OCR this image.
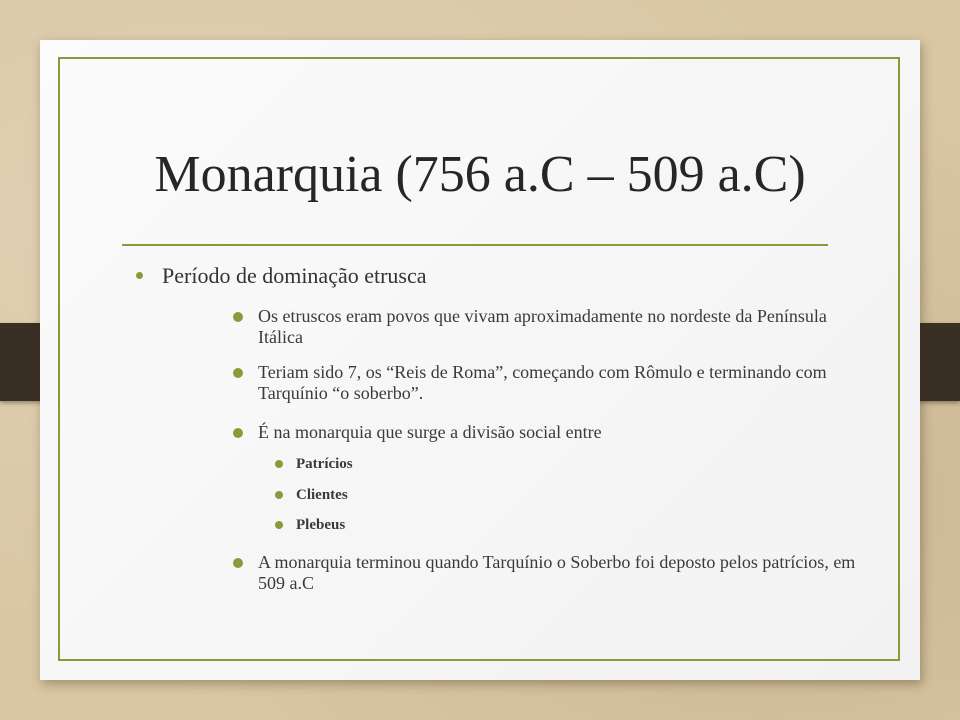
Monarquia (756 a.C – 509 a.C)
Período de dominação etrusca
Os etruscos eram povos que vivam aproximadamente no nordeste da Península Itálica
Teriam sido 7, os “Reis de Roma”, começando com Rômulo e terminando com Tarquínio “o soberbo”.
É na monarquia que surge a divisão social entre
Patrícios
Clientes
Plebeus
A monarquia terminou quando Tarquínio o Soberbo foi deposto pelos patrícios, em 509 a.C
